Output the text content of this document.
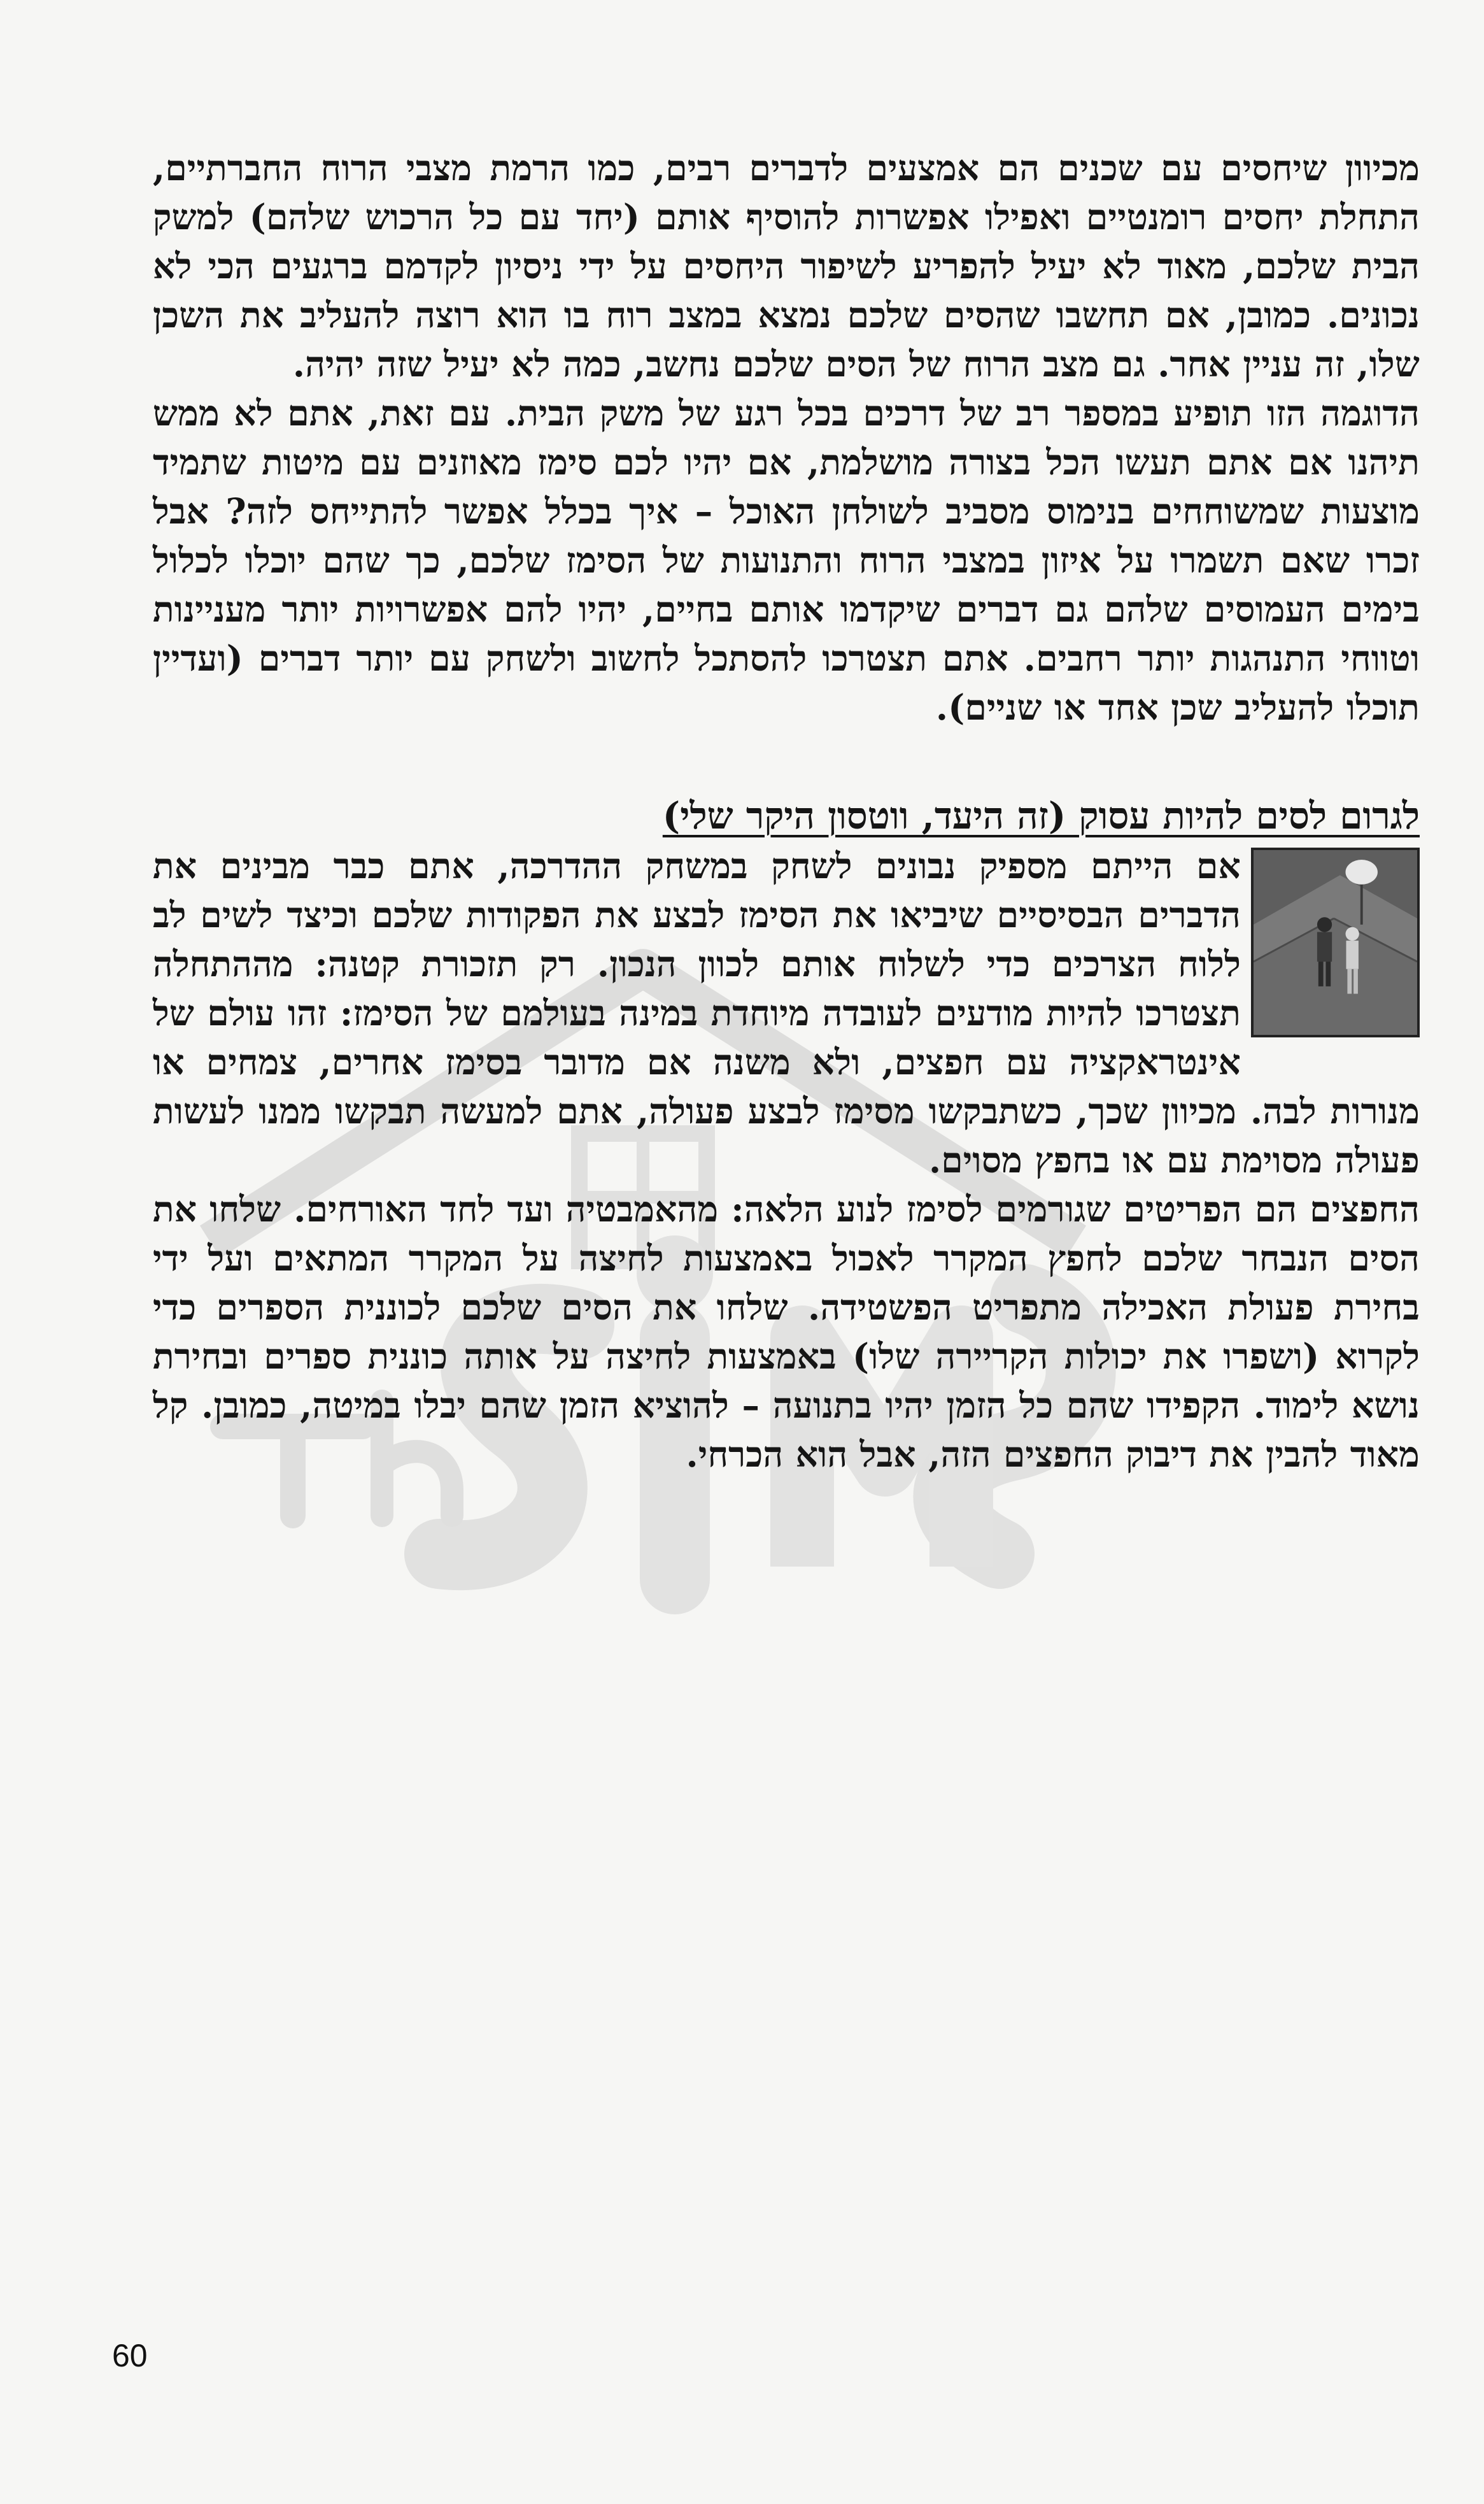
מכיוון שיחסים עם שכנים הם אמצעים לדברים רבים, כמו הרמת מצבי הרוח החברתיים, התחלת יחסים רומנטיים ואפילו אפשרות להוסיף אותם (יחד עם כל הרכוש שלהם) למשק הבית שלכם, מאוד לא יעיל להפריע לשיפור היחסים על ידי ניסיון לקדמם ברגעים הכי לא נכונים. כמובן, אם תחשבו שהסים שלכם נמצא במצב רוח בו הוא רוצה להעליב את השכן שלו, זה עניין אחר. גם מצב הרוח של הסים שלכם נחשב, כמה לא יעיל שזה יהיה.

הדוגמה הזו תופיע במספר רב של דרכים בכל רגע של משק הבית. עם זאת, אתם לא ממש תיהנו אם אתם תעשו הכל בצורה מושלמת, אם יהיו לכם סימז מאוזנים עם מיטות שתמיד מוצעות שמשוחחים בנימוס מסביב לשולחן האוכל – איך בכלל אפשר להתייחס לזה? אבל זכרו שאם תשמרו על איזון במצבי הרוח והתנועות של הסימז שלכם, כך שהם יוכלו לכלול בימים העמוסים שלהם גם דברים שיקדמו אותם בחיים, יהיו להם אפשרויות יותר מעניינות וטווחי התנהגות יותר רחבים. אתם תצטרכו להסתכל לחשוב ולשחק עם יותר דברים (ועדיין תוכלו להעליב שכן אחד או שניים).

לגרום לסים להיות עסוק (זה היעד, ווטסון היקר שלי)

אם הייתם מספיק נבונים לשחק במשחק ההדרכה, אתם כבר מבינים את הדברים הבסיסיים שיביאו את הסימז לבצע את הפקודות שלכם וכיצד לשים לב ללוח הצרכים כדי לשלוח אותם לכוון הנכון. רק תזכורת קטנה: מההתחלה תצטרכו להיות מודעים לעובדה מיוחדת במינה בעולמם של הסימז: זהו עולם של אינטראקציה עם חפצים, ולא משנה אם מדובר בסימז אחרים, צמחים או מנורות לבה. מכיוון שכך, כשתבקשו מסימז לבצע פעולה, אתם למעשה תבקשו ממנו לעשות פעולה מסוימת עם או בחפץ מסוים.

החפצים הם הפריטים שגורמים לסימז לנוע הלאה: מהאמבטיה ועד לחד האורחים. שלחו את הסים הנבחר שלכם לחפץ המקרר לאכול באמצעות לחיצה על המקרר המתאים ועל ידי בחירת פעולת האכילה מתפריט הפשטידה. שלחו את הסים שלכם לכוננית הספרים כדי לקרוא (ושפרו את יכולות הקריירה שלו) באמצעות לחיצה על אותה כוננית ספרים ובחירת נושא לימוד. הקפידו שהם כל הזמן יהיו בתנועה – להוציא הזמן שהם יבלו במיטה, כמובן. קל מאוד להבין את דיבוק החפצים הזה, אבל הוא הכרחי.

60
